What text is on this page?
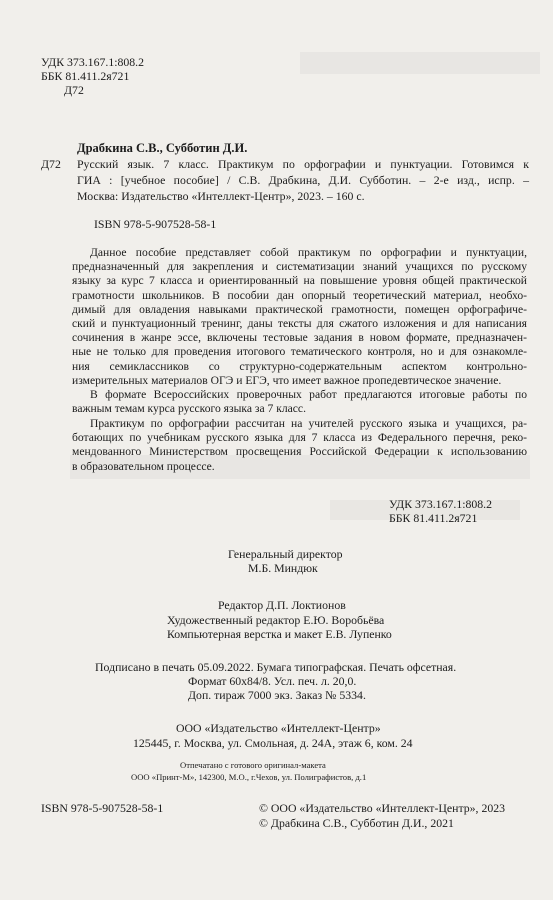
УДК 373.167.1:808.2
ББК 81.411.2я721
Д72
Драбкина С.В., Субботин Д.И.
Д72 Русский язык. 7 класс. Практикум по орфографии и пунктуации. Готовимся к
ГИА : [учебное пособие] / С.В. Драбкина, Д.И. Субботин. – 2-е изд., испр. –
Москва: Издательство «Интеллект-Центр», 2023. – 160 с.
ISBN 978-5-907528-58-1
Данное пособие представляет собой практикум по орфографии и пунктуации,
предназначенный для закрепления и систематизации знаний учащихся по русскому
языку за курс 7 класса и ориентированный на повышение уровня общей практической
грамотности школьников. В пособии дан опорный теоретический материал, необхо-
димый для овладения навыками практической грамотности, помещен орфографиче-
ский и пунктуационный тренинг, даны тексты для сжатого изложения и для написания
сочинения в жанре эссе, включены тестовые задания в новом формате, предназначен-
ные не только для проведения итогового тематического контроля, но и для ознакомле-
ния семиклассников со структурно-содержательным аспектом контрольно-
измерительных материалов ОГЭ и ЕГЭ, что имеет важное пропедевтическое значение.
В формате Всероссийских проверочных работ предлагаются итоговые работы по
важным темам курса русского языка за 7 класс.
Практикум по орфографии рассчитан на учителей русского языка и учащихся, ра-
ботающих по учебникам русского языка для 7 класса из Федерального перечня, реко-
мендованного Министерством просвещения Российской Федерации к использованию
в образовательном процессе.
УДК 373.167.1:808.2
ББК 81.411.2я721
Генеральный директор
М.Б. Миндюк
Редактор Д.П. Локтионов
Художественный редактор Е.Ю. Воробьёва
Компьютерная верстка и макет Е.В. Лупенко
Подписано в печать 05.09.2022. Бумага типографская. Печать офсетная.
Формат 60x84/8. Усл. печ. л. 20,0.
Доп. тираж 7000 экз. Заказ № 5334.
ООО «Издательство «Интеллект-Центр»
125445, г. Москва, ул. Смольная, д. 24А, этаж 6, ком. 24
Отпечатано с готового оригинал-макета
ООО «Принт-М», 142300, М.О., г.Чехов, ул. Полиграфистов, д.1
ISBN 978-5-907528-58-1	© ООО «Издательство «Интеллект-Центр», 2023
© Драбкина С.В., Субботин Д.И., 2021
